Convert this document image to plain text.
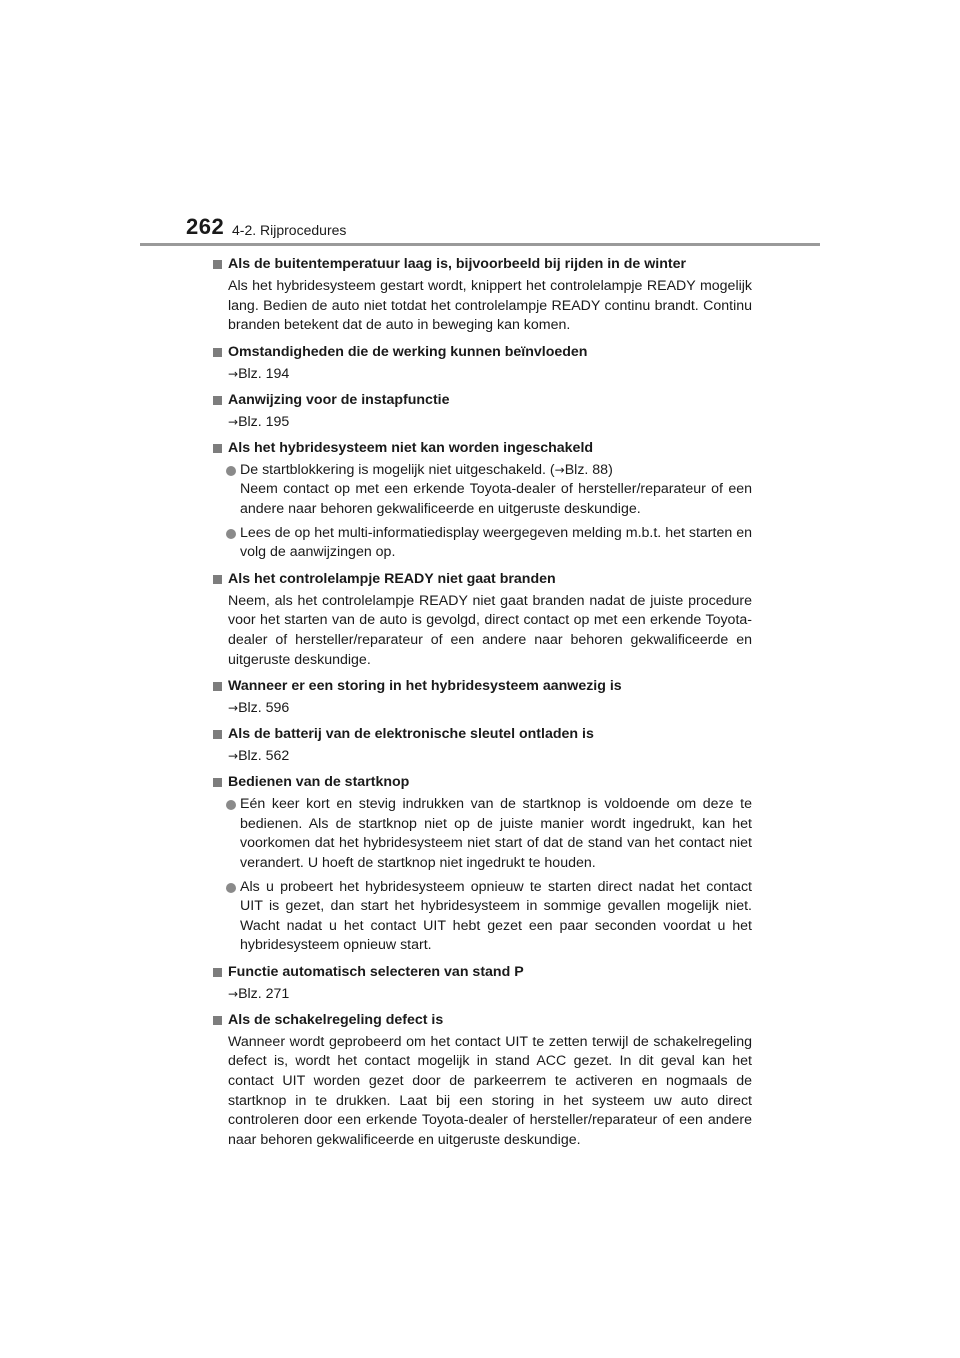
262 4-2. Rijprocedures
Als de buitentemperatuur laag is, bijvoorbeeld bij rijden in de winter
Als het hybridesysteem gestart wordt, knippert het controlelampje READY mogelijk lang. Bedien de auto niet totdat het controlelampje READY continu brandt. Continu branden betekent dat de auto in beweging kan komen.
Omstandigheden die de werking kunnen beïnvloeden
→Blz. 194
Aanwijzing voor de instapfunctie
→Blz. 195
Als het hybridesysteem niet kan worden ingeschakeld
De startblokkering is mogelijk niet uitgeschakeld. (→Blz. 88)
Neem contact op met een erkende Toyota-dealer of hersteller/reparateur of een andere naar behoren gekwalificeerde en uitgeruste deskundige.
Lees de op het multi-informatiedisplay weergegeven melding m.b.t. het starten en volg de aanwijzingen op.
Als het controlelampje READY niet gaat branden
Neem, als het controlelampje READY niet gaat branden nadat de juiste procedure voor het starten van de auto is gevolgd, direct contact op met een erkende Toyota-dealer of hersteller/reparateur of een andere naar behoren gekwalificeerde en uitgeruste deskundige.
Wanneer er een storing in het hybridesysteem aanwezig is
→Blz. 596
Als de batterij van de elektronische sleutel ontladen is
→Blz. 562
Bedienen van de startknop
Eén keer kort en stevig indrukken van de startknop is voldoende om deze te bedienen. Als de startknop niet op de juiste manier wordt ingedrukt, kan het voorkomen dat het hybridesysteem niet start of dat de stand van het contact niet verandert. U hoeft de startknop niet ingedrukt te houden.
Als u probeert het hybridesysteem opnieuw te starten direct nadat het contact UIT is gezet, dan start het hybridesysteem in sommige gevallen mogelijk niet. Wacht nadat u het contact UIT hebt gezet een paar seconden voordat u het hybridesysteem opnieuw start.
Functie automatisch selecteren van stand P
→Blz. 271
Als de schakelregeling defect is
Wanneer wordt geprobeerd om het contact UIT te zetten terwijl de schakelregeling defect is, wordt het contact mogelijk in stand ACC gezet. In dit geval kan het contact UIT worden gezet door de parkeerrem te activeren en nogmaals de startknop in te drukken. Laat bij een storing in het systeem uw auto direct controleren door een erkende Toyota-dealer of hersteller/reparateur of een andere naar behoren gekwalificeerde en uitgeruste deskundige.
